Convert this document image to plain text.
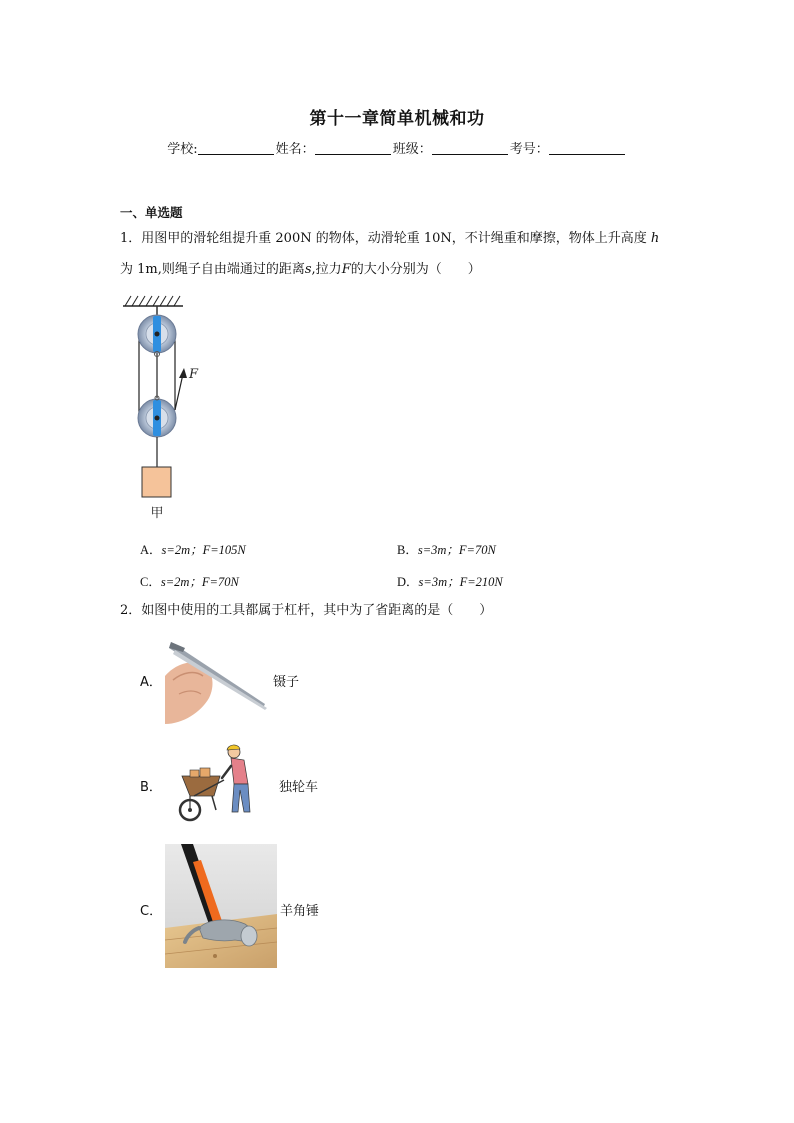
第十一章简单机械和功
学校:	姓名：	班级：	考号：
一、单选题
1．用图甲的滑轮组提升重 200N 的物体，动滑轮重 10N，不计绳重和摩擦，物体上升高度 h
为 1m,则绳子自由端通过的距离s,拉力F的大小分别为（　　）
F
甲
A．s=2m；F=105N	B．s=3m；F=70N
C．s=2m；F=70N	D．s=3m；F=210N
2．如图中使用的工具都属于杠杆，其中为了省距离的是（　　）
A．	镊子
B．	独轮车
C．	羊角锤
